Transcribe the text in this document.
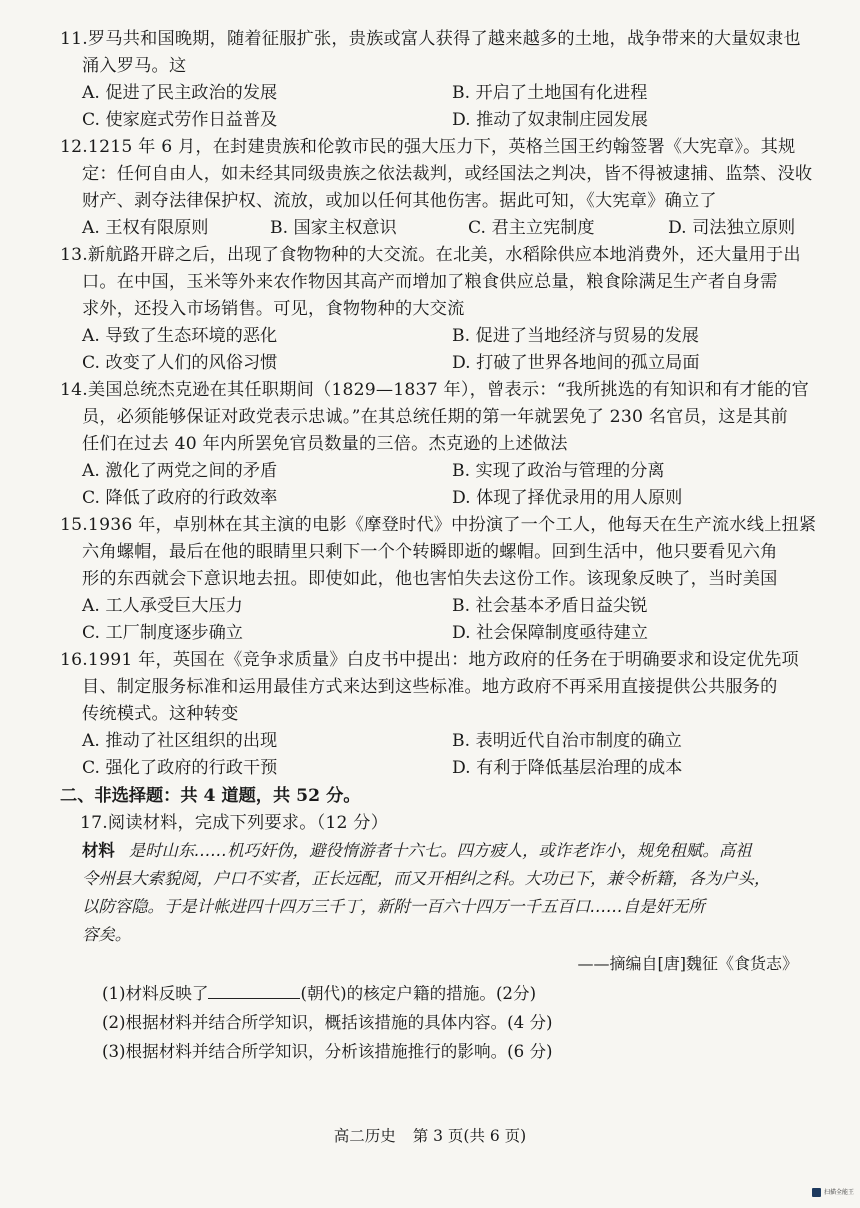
11.罗马共和国晚期，随着征服扩张，贵族或富人获得了越来越多的土地，战争带来的大量奴隶也
涌入罗马。这
A. 促进了民主政治的发展	B. 开启了土地国有化进程
C. 使家庭式劳作日益普及	D. 推动了奴隶制庄园发展
12.1215 年 6 月，在封建贵族和伦敦市民的强大压力下，英格兰国王约翰签署《大宪章》。其规
定：任何自由人，如未经其同级贵族之依法裁判，或经国法之判决，皆不得被逮捕、监禁、没收
财产、剥夺法律保护权、流放，或加以任何其他伤害。据此可知，《大宪章》确立了
A. 王权有限原则	B. 国家主权意识	C. 君主立宪制度	D. 司法独立原则
13.新航路开辟之后，出现了食物物种的大交流。在北美，水稻除供应本地消费外，还大量用于出
口。在中国，玉米等外来农作物因其高产而增加了粮食供应总量，粮食除满足生产者自身需
求外，还投入市场销售。可见，食物物种的大交流
A. 导致了生态环境的恶化	B. 促进了当地经济与贸易的发展
C. 改变了人们的风俗习惯	D. 打破了世界各地间的孤立局面
14.美国总统杰克逊在其任职期间（1829—1837 年），曾表示：“我所挑选的有知识和有才能的官
员，必须能够保证对政党表示忠诚。”在其总统任期的第一年就罢免了 230 名官员，这是其前
任们在过去 40 年内所罢免官员数量的三倍。杰克逊的上述做法
A. 激化了两党之间的矛盾	B. 实现了政治与管理的分离
C. 降低了政府的行政效率	D. 体现了择优录用的用人原则
15.1936 年，卓别林在其主演的电影《摩登时代》中扮演了一个工人，他每天在生产流水线上扭紧
六角螺帽，最后在他的眼睛里只剩下一个个转瞬即逝的螺帽。回到生活中，他只要看见六角
形的东西就会下意识地去扭。即使如此，他也害怕失去这份工作。该现象反映了，当时美国
A. 工人承受巨大压力	B. 社会基本矛盾日益尖锐
C. 工厂制度逐步确立	D. 社会保障制度亟待建立
16.1991 年，英国在《竞争求质量》白皮书中提出：地方政府的任务在于明确要求和设定优先项
目、制定服务标准和运用最佳方式来达到这些标准。地方政府不再采用直接提供公共服务的
传统模式。这种转变
A. 推动了社区组织的出现	B. 表明近代自治市制度的确立
C. 强化了政府的行政干预	D. 有利于降低基层治理的成本
二、非选择题：共 4 道题，共 52 分。
17.阅读材料，完成下列要求。（12 分）
材料 是时山东……机巧奸伪，避役惰游者十六七。四方疲人，或诈老诈小，规免租赋。高祖
令州县大索貌阅，户口不实者，正长远配，而又开相纠之科。大功已下，兼令析籍，各为户头，
以防容隐。于是计帐进四十四万三千丁，新附一百六十四万一千五百口……自是奸无所
容矣。
——摘编自[唐]魏征《食货志》
(1)材料反映了	(朝代)的核定户籍的措施。(2分)
(2)根据材料并结合所学知识，概括该措施的具体内容。(4 分)
(3)根据材料并结合所学知识，分析该措施推行的影响。(6 分)
高二历史 第 3 页(共 6 页)
扫描全能王
